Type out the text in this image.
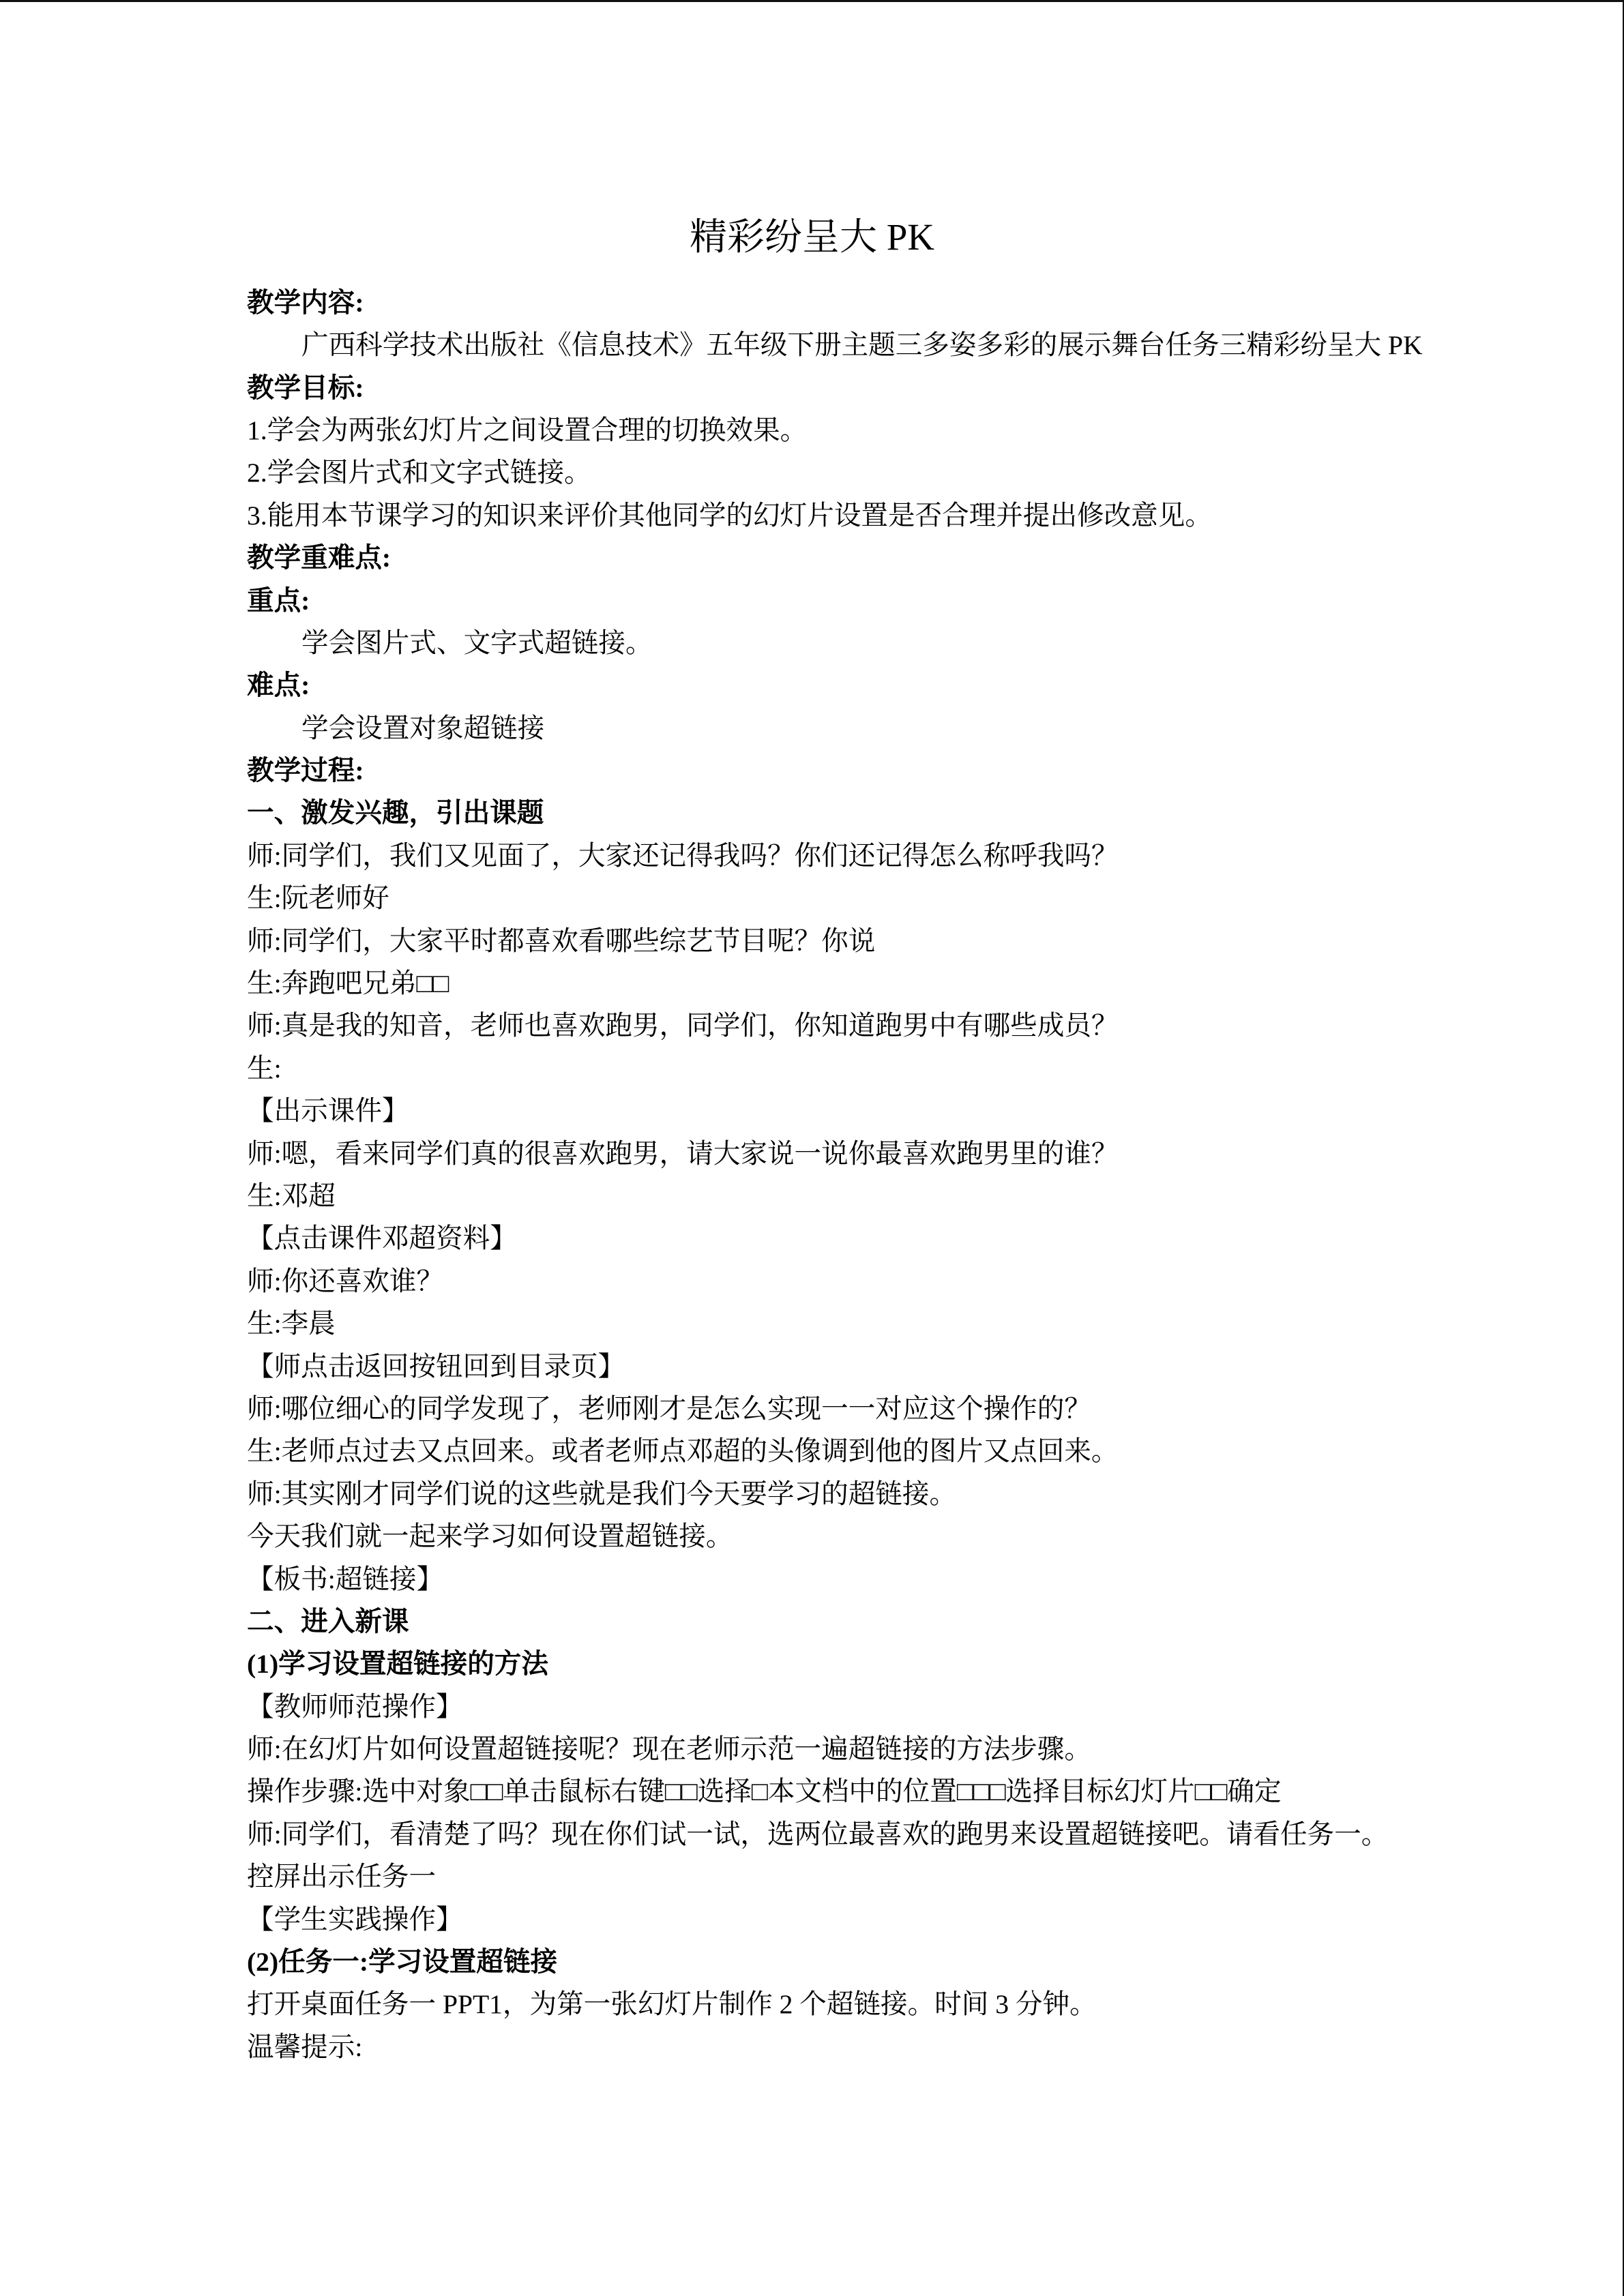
精彩纷呈大 PK
教学内容:
广西科学技术出版社《信息技术》五年级下册主题三多姿多彩的展示舞台任务三精彩纷呈大 PK
教学目标:
1.学会为两张幻灯片之间设置合理的切换效果。
2.学会图片式和文字式链接。
3.能用本节课学习的知识来评价其他同学的幻灯片设置是否合理并提出修改意见。
教学重难点:
重点:
学会图片式、文字式超链接。
难点:
学会设置对象超链接
教学过程:
一、激发兴趣，引出课题
师:同学们，我们又见面了，大家还记得我吗？你们还记得怎么称呼我吗？
生:阮老师好
师:同学们，大家平时都喜欢看哪些综艺节目呢？你说
生:奔跑吧兄弟□□
师:真是我的知音，老师也喜欢跑男，同学们，你知道跑男中有哪些成员？
生:
【出示课件】
师:嗯，看来同学们真的很喜欢跑男，请大家说一说你最喜欢跑男里的谁？
生:邓超
【点击课件邓超资料】
师:你还喜欢谁？
生:李晨
【师点击返回按钮回到目录页】
师:哪位细心的同学发现了，老师刚才是怎么实现一一对应这个操作的？
生:老师点过去又点回来。或者老师点邓超的头像调到他的图片又点回来。
师:其实刚才同学们说的这些就是我们今天要学习的超链接。
今天我们就一起来学习如何设置超链接。
【板书:超链接】
二、进入新课
(1)学习设置超链接的方法
【教师师范操作】
师:在幻灯片如何设置超链接呢？现在老师示范一遍超链接的方法步骤。
操作步骤:选中对象□□单击鼠标右键□□选择□本文档中的位置□□□选择目标幻灯片□□确定
师:同学们，看清楚了吗？现在你们试一试，选两位最喜欢的跑男来设置超链接吧。请看任务一。
控屏出示任务一
【学生实践操作】
(2)任务一:学习设置超链接
打开桌面任务一 PPT1，为第一张幻灯片制作 2 个超链接。时间 3 分钟。
温馨提示:
